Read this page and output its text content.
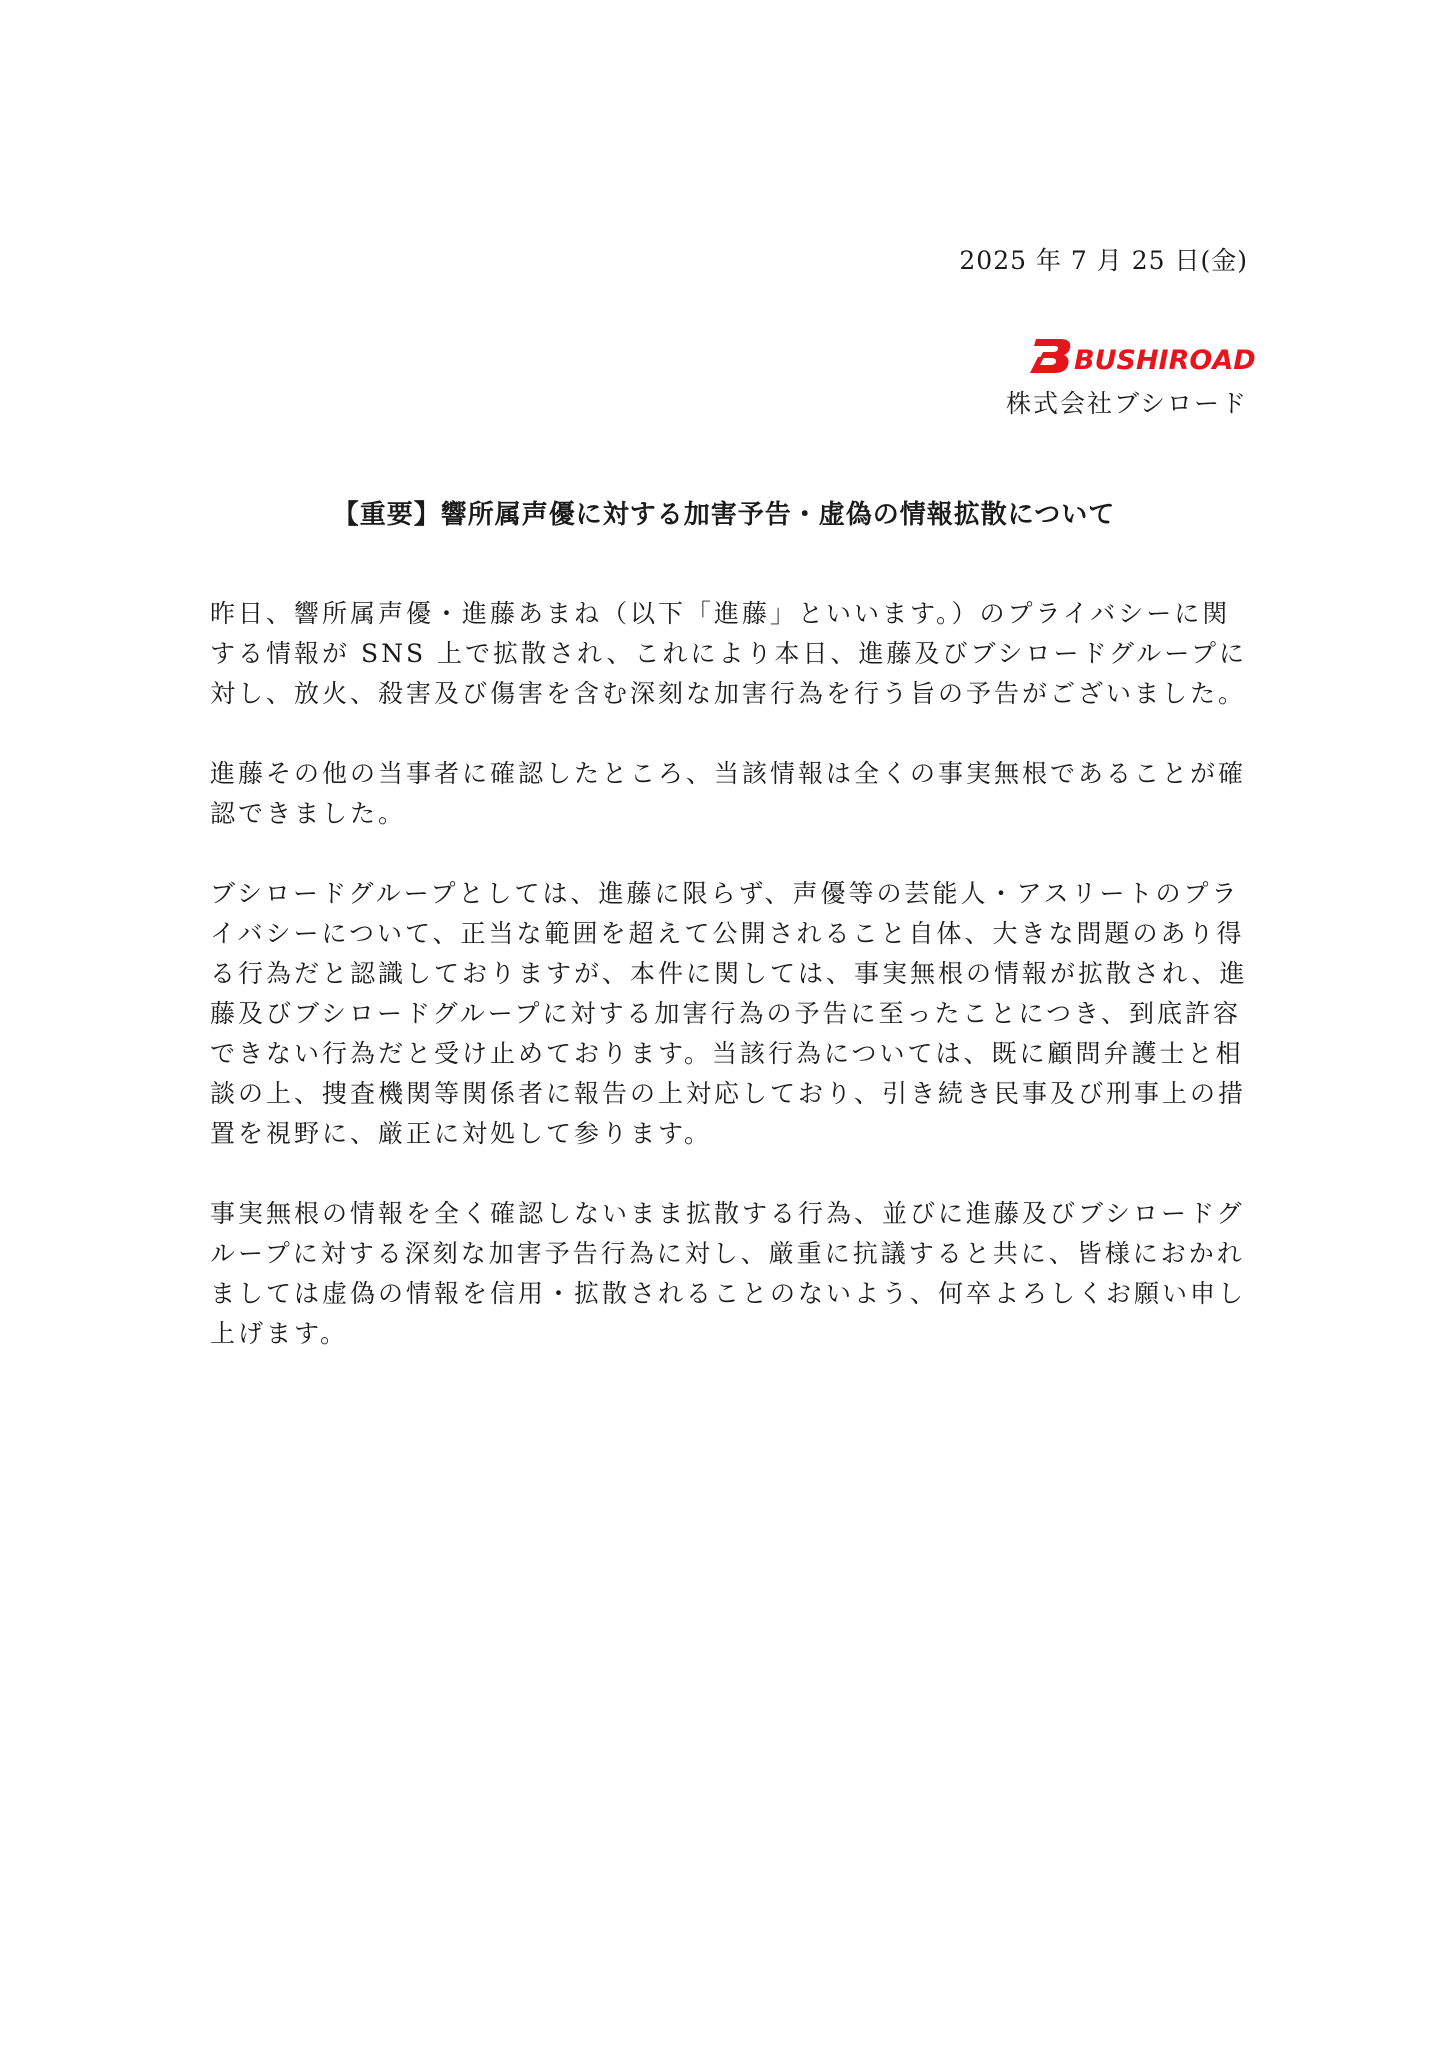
2025 年 7 月 25 日(金)
BUSHIROAD
株式会社ブシロード
【重要】響所属声優に対する加害予告・虚偽の情報拡散について

昨日、響所属声優・進藤あまね（以下「進藤」といいます。）のプライバシーに関する情報が SNS 上で拡散され、これにより本日、進藤及びブシロードグループに対し、放火、殺害及び傷害を含む深刻な加害行為を行う旨の予告がございました。

進藤その他の当事者に確認したところ、当該情報は全くの事実無根であることが確認できました。

ブシロードグループとしては、進藤に限らず、声優等の芸能人・アスリートのプライバシーについて、正当な範囲を超えて公開されること自体、大きな問題のあり得る行為だと認識しておりますが、本件に関しては、事実無根の情報が拡散され、進藤及びブシロードグループに対する加害行為の予告に至ったことにつき、到底許容できない行為だと受け止めております。当該行為については、既に顧問弁護士と相談の上、捜査機関等関係者に報告の上対応しており、引き続き民事及び刑事上の措置を視野に、厳正に対処して参ります。

事実無根の情報を全く確認しないまま拡散する行為、並びに進藤及びブシロードグループに対する深刻な加害予告行為に対し、厳重に抗議すると共に、皆様におかれましては虚偽の情報を信用・拡散されることのないよう、何卒よろしくお願い申し上げます。
